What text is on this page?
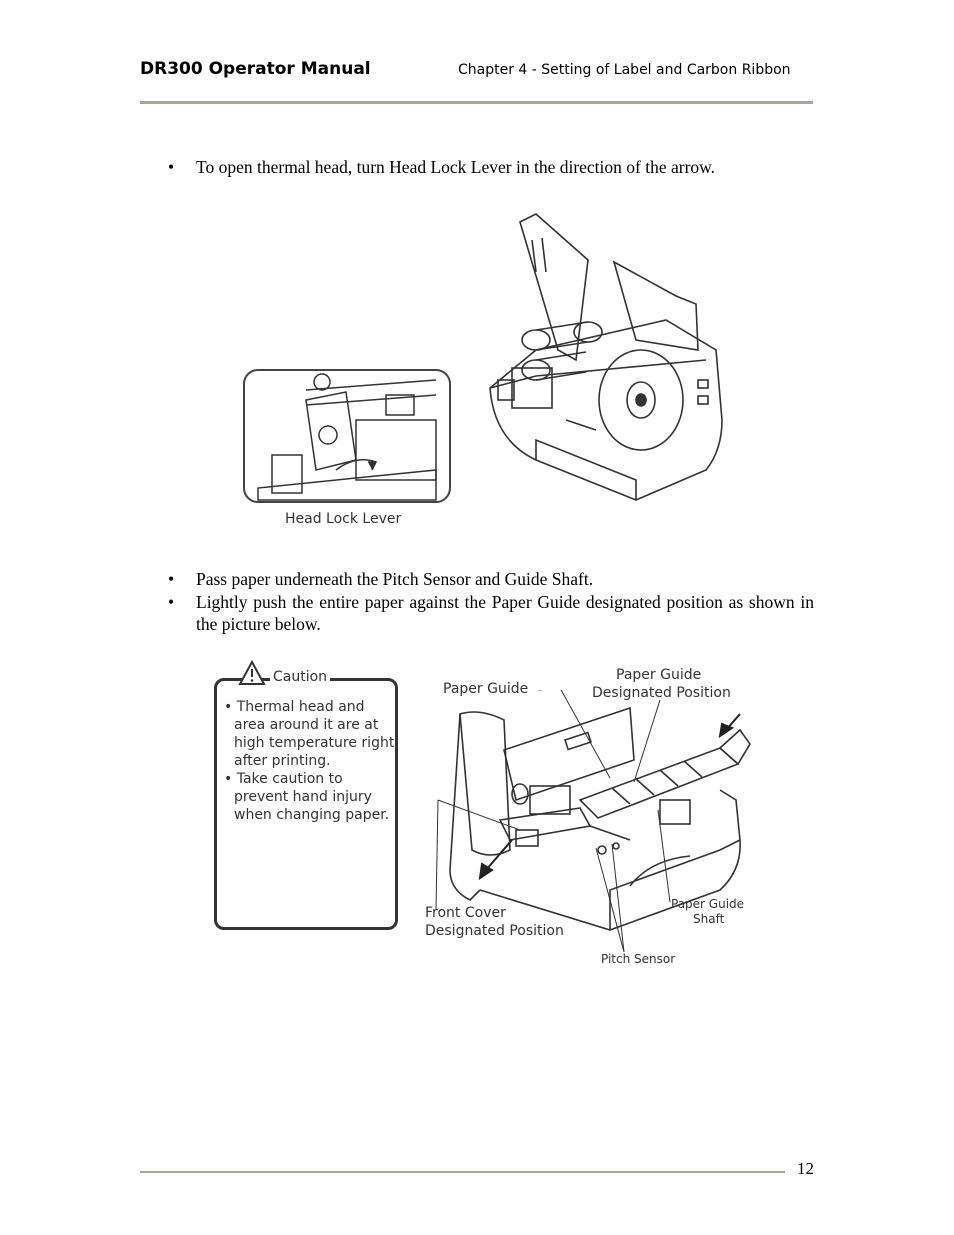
DR300 Operator Manual	Chapter 4 - Setting of Label and Carbon Ribbon
• To open thermal head, turn Head Lock Lever in the direction of the arrow.
Head Lock Lever
• Pass paper underneath the Pitch Sensor and Guide Shaft.
• Lightly push the entire paper against the Paper Guide designated position as shown in the picture below.
Caution
• Thermal head and area around it are at high temperature right after printing.
• Take caution to prevent hand injury when changing paper.
Paper Guide
Paper Guide
Designated Position
Front Cover
Designated Position
Paper Guide
Shaft
Pitch Sensor
12
